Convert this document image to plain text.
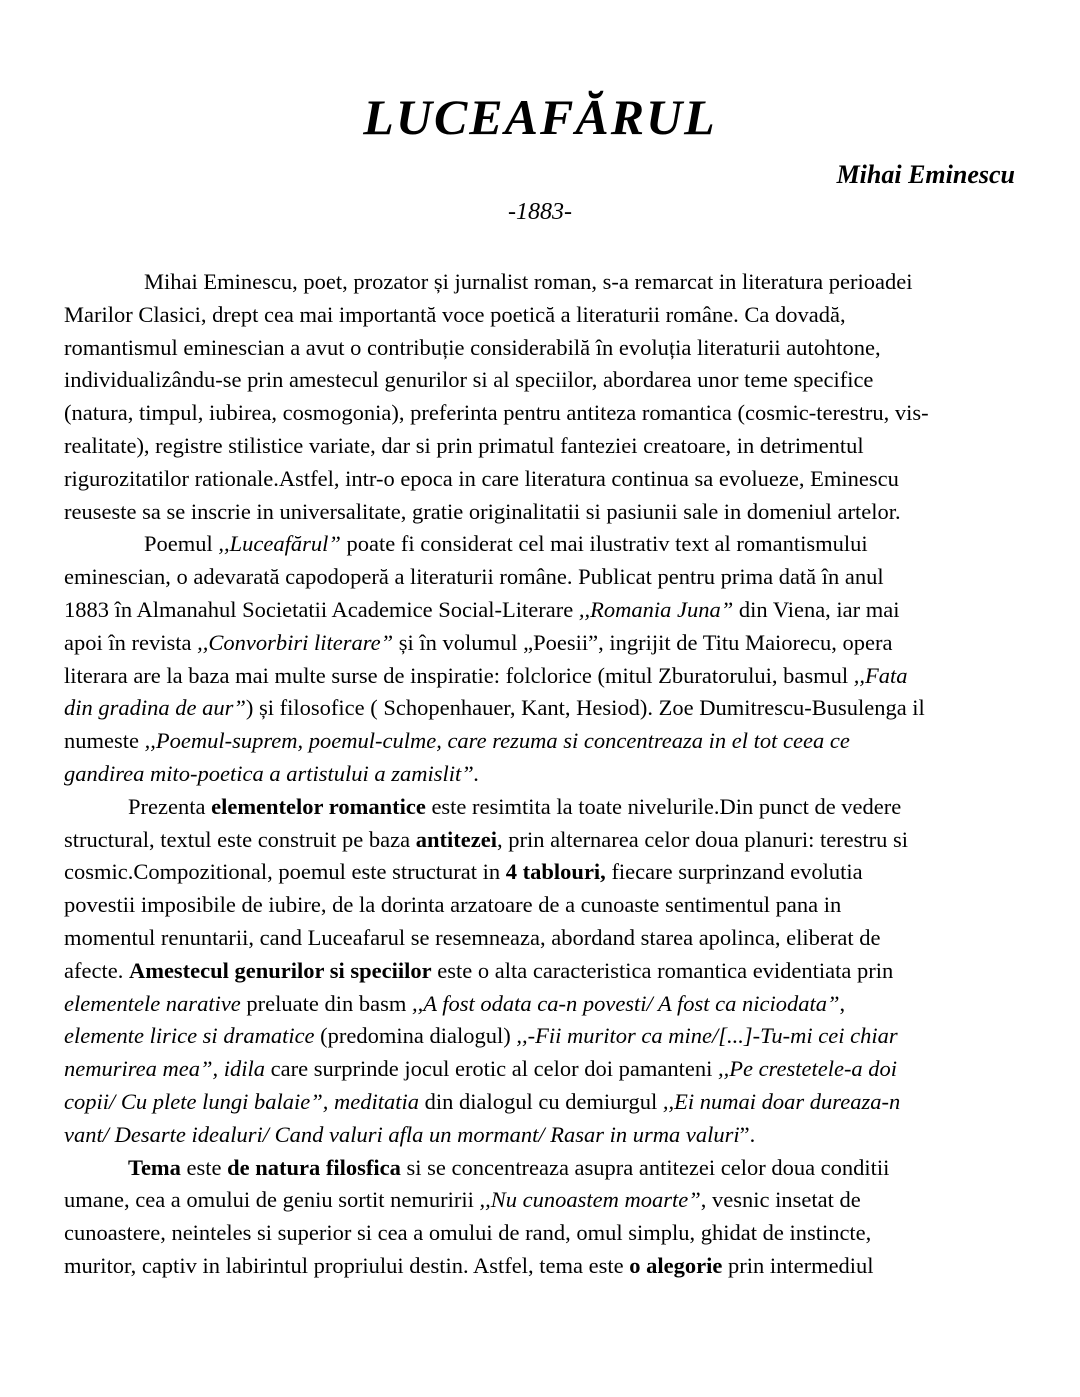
LUCEAFĂRUL
Mihai Eminescu
-1883-

Mihai Eminescu, poet, prozator și jurnalist roman, s-a remarcat in literatura perioadei
Marilor Clasici, drept cea mai importantă voce poetică a literaturii române. Ca dovadă,
romantismul eminescian a avut o contribuție considerabilă în evoluția literaturii autohtone,
individualizându-se prin amestecul genurilor si al speciilor, abordarea unor teme specifice
(natura, timpul, iubirea, cosmogonia), preferinta pentru antiteza romantica (cosmic-terestru, vis-
realitate), registre stilistice variate, dar si prin primatul fanteziei creatoare, in detrimentul
rigurozitatilor rationale.Astfel, intr-o epoca in care literatura continua sa evolueze, Eminescu
reuseste sa se inscrie in universalitate, gratie originalitatii si pasiunii sale in domeniul artelor.

Poemul ,,Luceafărul” poate fi considerat cel mai ilustrativ text al romantismului
eminescian, o adevarată capodoperă a literaturii române. Publicat pentru prima dată în anul
1883 în Almanahul Societatii Academice Social-Literare ,,Romania Juna” din Viena, iar mai
apoi în revista ,,Convorbiri literare” și în volumul „Poesii”, ingrijit de Titu Maiorecu, opera
literara are la baza mai multe surse de inspiratie: folclorice (mitul Zburatorului, basmul ,,Fata
din gradina de aur”) și filosofice ( Schopenhauer, Kant, Hesiod). Zoe Dumitrescu-Busulenga il
numeste ,,Poemul-suprem, poemul-culme, care rezuma si concentreaza in el tot ceea ce
gandirea mito-poetica a artistului a zamislit”.

Prezenta elementelor romantice este resimtita la toate nivelurile.Din punct de vedere
structural, textul este construit pe baza antitezei, prin alternarea celor doua planuri: terestru si
cosmic.Compozitional, poemul este structurat in 4 tablouri, fiecare surprinzand evolutia
povestii imposibile de iubire, de la dorinta arzatoare de a cunoaste sentimentul pana in
momentul renuntarii, cand Luceafarul se resemneaza, abordand starea apolinca, eliberat de
afecte. Amestecul genurilor si speciilor este o alta caracteristica romantica evidentiata prin
elementele narative preluate din basm ,,A fost odata ca-n povesti/ A fost ca niciodata”,
elemente lirice si dramatice (predomina dialogul) ,,-Fii muritor ca mine/[...]-Tu-mi cei chiar
nemurirea mea”, idila care surprinde jocul erotic al celor doi pamanteni ,,Pe crestetele-a doi
copii/ Cu plete lungi balaie”, meditatia din dialogul cu demiurgul ,,Ei numai doar dureaza-n
vant/ Desarte idealuri/ Cand valuri afla un mormant/ Rasar in urma valuri”.

Tema este de natura filosfica si se concentreaza asupra antitezei celor doua conditii
umane, cea a omului de geniu sortit nemuririi ,,Nu cunoastem moarte”, vesnic insetat de
cunoastere, neinteles si superior si cea a omului de rand, omul simplu, ghidat de instincte,
muritor, captiv in labirintul propriului destin. Astfel, tema este o alegorie prin intermediul
